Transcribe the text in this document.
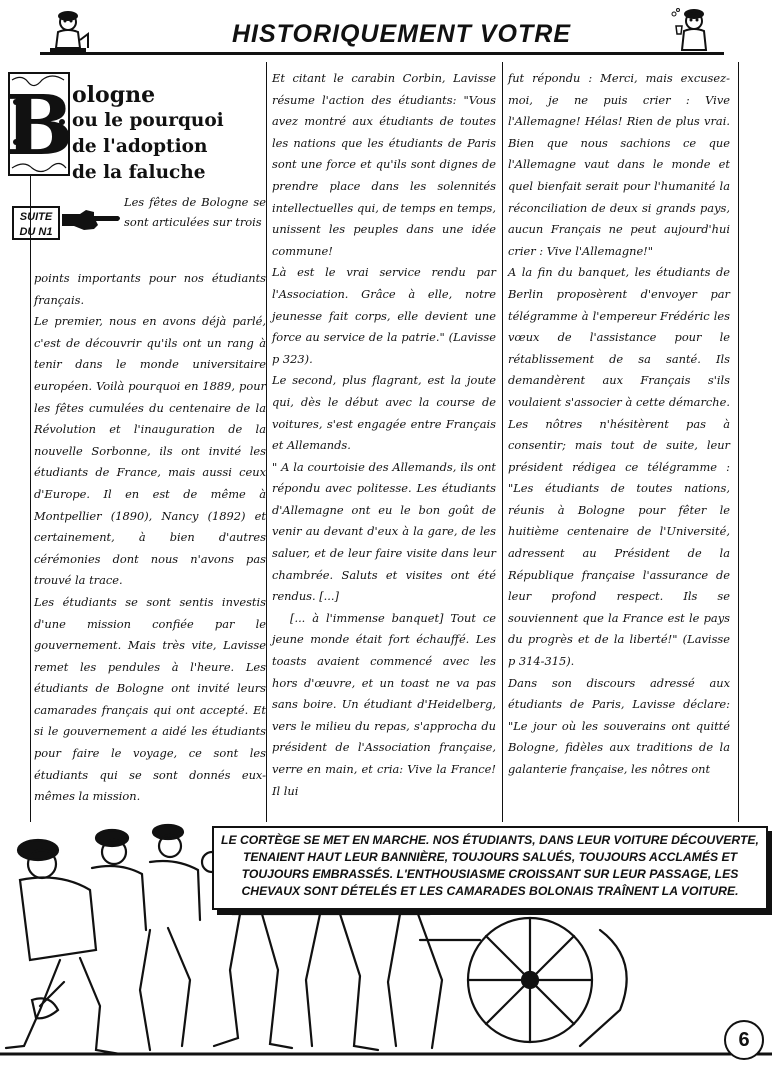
HISTORIQUEMENT VOTRE
B
ologne
ou le pourquoi
de l'adoption
de la faluche
SUITE DU N1
Les fêtes de Bologne se sont articulées sur trois

points importants pour nos étudiants français.

Le premier, nous en avons déjà parlé, c'est de découvrir qu'ils ont un rang à tenir dans le monde universitaire européen. Voilà pourquoi en 1889, pour les fêtes cumulées du centenaire de la Révolution et l'inauguration de la nouvelle Sorbonne, ils ont invité les étudiants de France, mais aussi ceux d'Europe. Il en est de même à Montpellier (1890), Nancy (1892) et certainement, à bien d'autres cérémonies dont nous n'avons pas trouvé la trace.

Les étudiants se sont sentis investis d'une mission confiée par le gouvernement. Mais très vite, Lavisse remet les pendules à l'heure. Les étudiants de Bologne ont invité leurs camarades français qui ont accepté. Et si le gouvernement a aidé les étudiants pour faire le voyage, ce sont les étudiants qui se sont donnés eux-mêmes la mission.

Et citant le carabin Corbin, Lavisse résume l'action des étudiants: "Vous avez montré aux étudiants de toutes les nations que les étudiants de Paris sont une force et qu'ils sont dignes de prendre place dans les solennités intellectuelles qui, de temps en temps, unissent les peuples dans une idée commune!

Là est le vrai service rendu par l'Association. Grâce à elle, notre jeunesse fait corps, elle devient une force au service de la patrie." (Lavisse p 323).

Le second, plus flagrant, est la joute qui, dès le début avec la course de voitures, s'est engagée entre Français et Allemands.

" A la courtoisie des Allemands, ils ont répondu avec politesse. Les étudiants d'Allemagne ont eu le bon goût de venir au devant d'eux à la gare, de les saluer, et de leur faire visite dans leur chambrée. Saluts et visites ont été rendus. [...]

[... à l'immense banquet] Tout ce jeune monde était fort échauffé. Les toasts avaient commencé avec les hors d'œuvre, et un toast ne va pas sans boire. Un étudiant d'Heidelberg, vers le milieu du repas, s'approcha du président de l'Association française, verre en main, et cria: Vive la France! Il lui

fut répondu : Merci, mais excusez-moi, je ne puis crier : Vive l'Allemagne! Hélas! Rien de plus vrai. Bien que nous sachions ce que l'Allemagne vaut dans le monde et quel bienfait serait pour l'humanité la réconciliation de deux si grands pays, aucun Français ne peut aujourd'hui crier : Vive l'Allemagne!"

A la fin du banquet, les étudiants de Berlin proposèrent d'envoyer par télégramme à l'empereur Frédéric les vœux de l'assistance pour le rétablissement de sa santé. Ils demandèrent aux Français s'ils voulaient s'associer à cette démarche. Les nôtres n'hésitèrent pas à consentir; mais tout de suite, leur président rédigea ce télégramme : "Les étudiants de toutes nations, réunis à Bologne pour fêter le huitième centenaire de l'Université, adressent au Président de la République française l'assurance de leur profond respect. Ils se souviennent que la France est le pays du progrès et de la liberté!" (Lavisse p 314-315).

Dans son discours adressé aux étudiants de Paris, Lavisse déclare: "Le jour où les souverains ont quitté Bologne, fidèles aux traditions de la galanterie française, les nôtres ont

LE CORTÈGE SE MET EN MARCHE. NOS ÉTUDIANTS, DANS LEUR VOITURE DÉCOUVERTE, TENAIENT HAUT LEUR BANNIÈRE, TOUJOURS SALUÉS, TOUJOURS ACCLAMÉS ET TOUJOURS EMBRASSÉS. L'ENTHOUSIASME CROISSANT SUR LEUR PASSAGE, LES CHEVAUX SONT DÉTELÉS ET LES CAMARADES BOLONAIS TRAÎNENT LA VOITURE.
6
